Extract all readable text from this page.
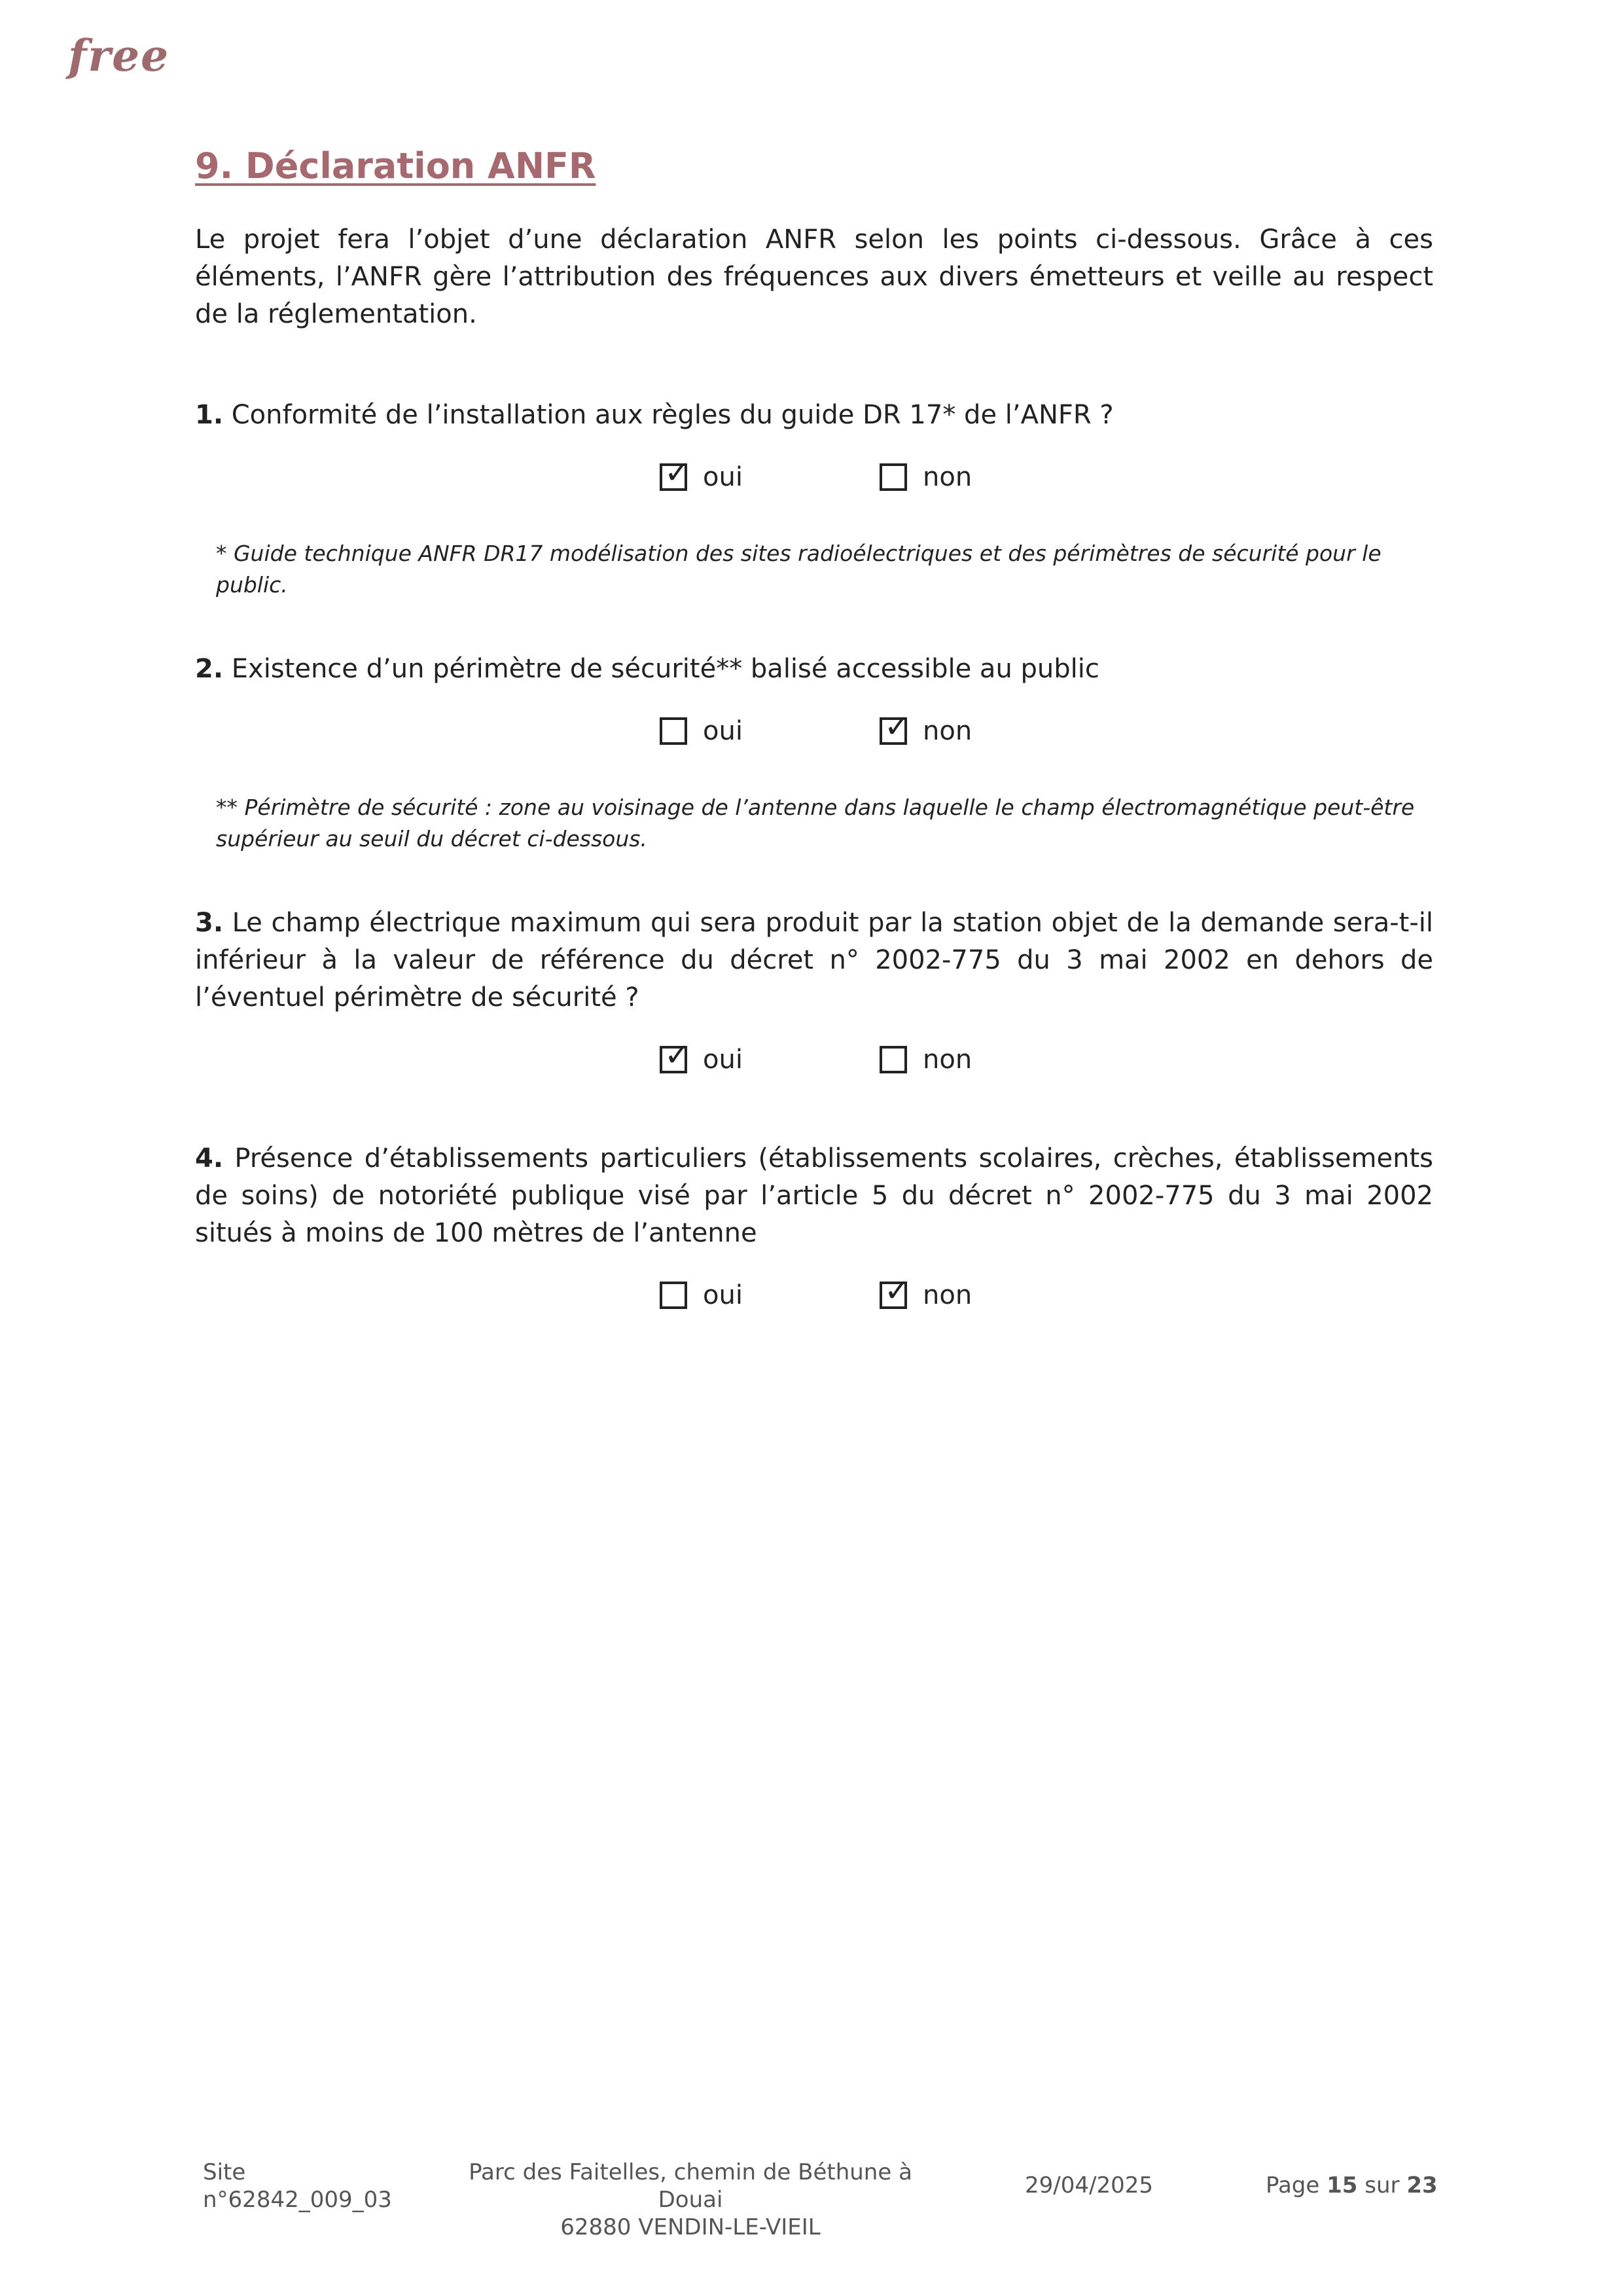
free
9. Déclaration ANFR

Le projet fera l’objet d’une déclaration ANFR selon les points ci-dessous. Grâce à ces éléments, l’ANFR gère l’attribution des fréquences aux divers émetteurs et veille au respect de la réglementation.

1. Conformité de l’installation aux règles du guide DR 17* de l’ANFR ?

✓ oui	non

* Guide technique ANFR DR17 modélisation des sites radioélectriques et des périmètres de sécurité pour le public.

2. Existence d’un périmètre de sécurité** balisé accessible au public

oui	✓ non

** Périmètre de sécurité : zone au voisinage de l’antenne dans laquelle le champ électromagnétique peut-être supérieur au seuil du décret ci-dessous.

3. Le champ électrique maximum qui sera produit par la station objet de la demande sera-t-il inférieur à la valeur de référence du décret n° 2002-775 du 3 mai 2002 en dehors de l’éventuel périmètre de sécurité ?

✓ oui	non

4. Présence d’établissements particuliers (établissements scolaires, crèches, établissements de soins) de notoriété publique visé par l’article 5 du décret n° 2002-775 du 3 mai 2002 situés à moins de 100 mètres de l’antenne

oui	✓ non
Site
n°62842_009_03
Parc des Faitelles, chemin de Béthune à Douai
62880 VENDIN-LE-VIEIL
29/04/2025	Page 15 sur 23
